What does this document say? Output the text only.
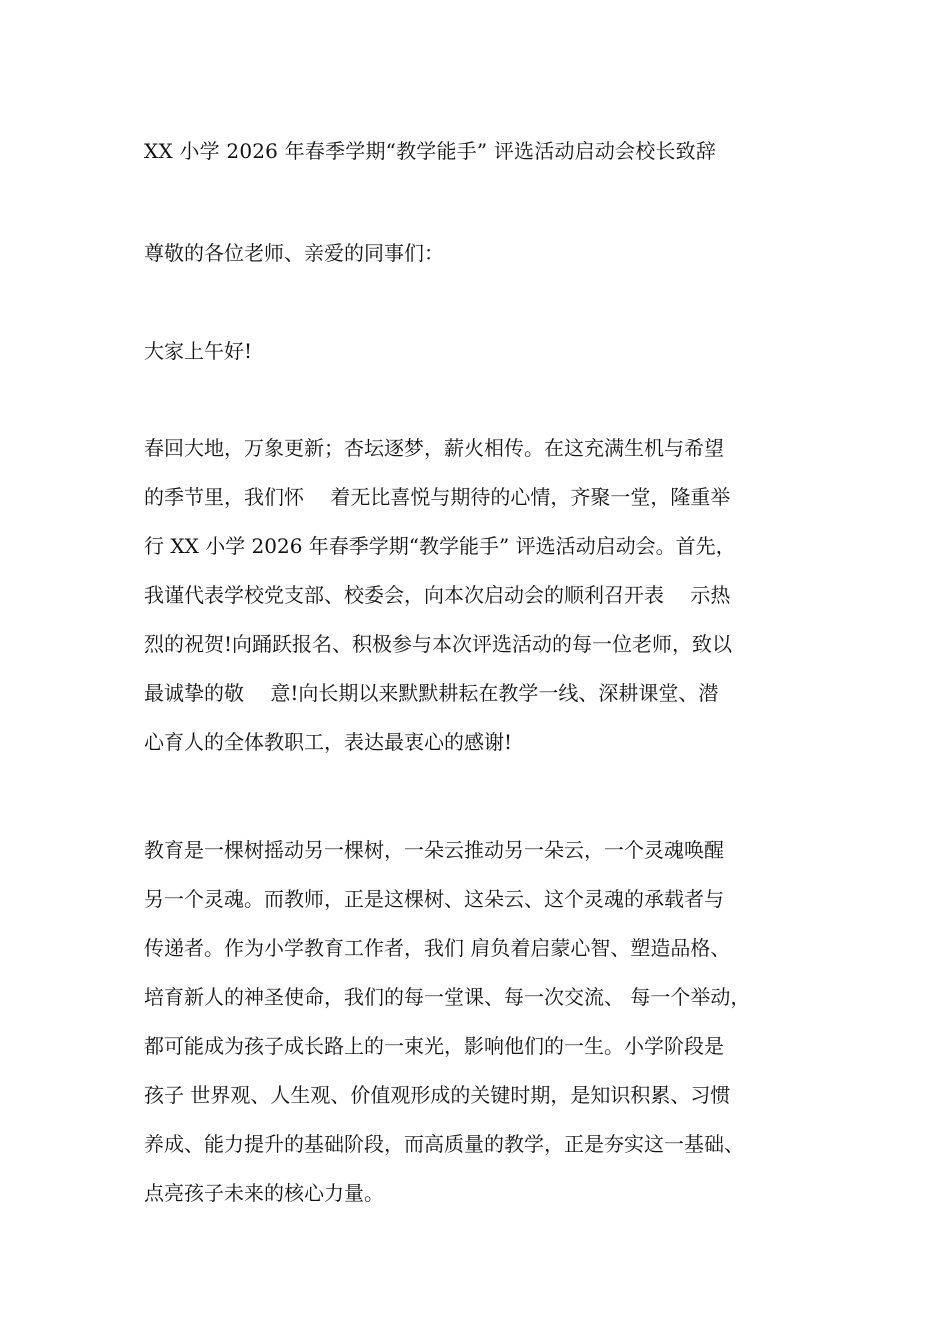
XX 小学 2026 年春季学期“教学能手” 评选活动启动会校长致辞
尊敬的各位老师、亲爱的同事们：
大家上午好!
春回大地，万象更新；杏坛逐梦，薪火相传。在这充满生机与希望
的季节里，我们怀　 着无比喜悦与期待的心情，齐聚一堂，隆重举
行 XX 小学 2026 年春季学期“教学能手” 评选活动启动会。首先，
我谨代表学校党支部、校委会，向本次启动会的顺利召开表　 示热
烈的祝贺!向踊跃报名、积极参与本次评选活动的每一位老师，致以
最诚挚的敬　 意!向长期以来默默耕耘在教学一线、深耕课堂、潜
心育人的全体教职工，表达最衷心的感谢!
教育是一棵树摇动另一棵树，一朵云推动另一朵云，一个灵魂唤醒
另一个灵魂。而教师，正是这棵树、这朵云、这个灵魂的承载者与
传递者。作为小学教育工作者，我们 肩负着启蒙心智、塑造品格、
培育新人的神圣使命，我们的每一堂课、每一次交流、 每一个举动，
都可能成为孩子成长路上的一束光，影响他们的一生。小学阶段是
孩子 世界观、人生观、价值观形成的关键时期，是知识积累、习惯
养成、能力提升的基础阶段，而高质量的教学，正是夯实这一基础、
点亮孩子未来的核心力量。
